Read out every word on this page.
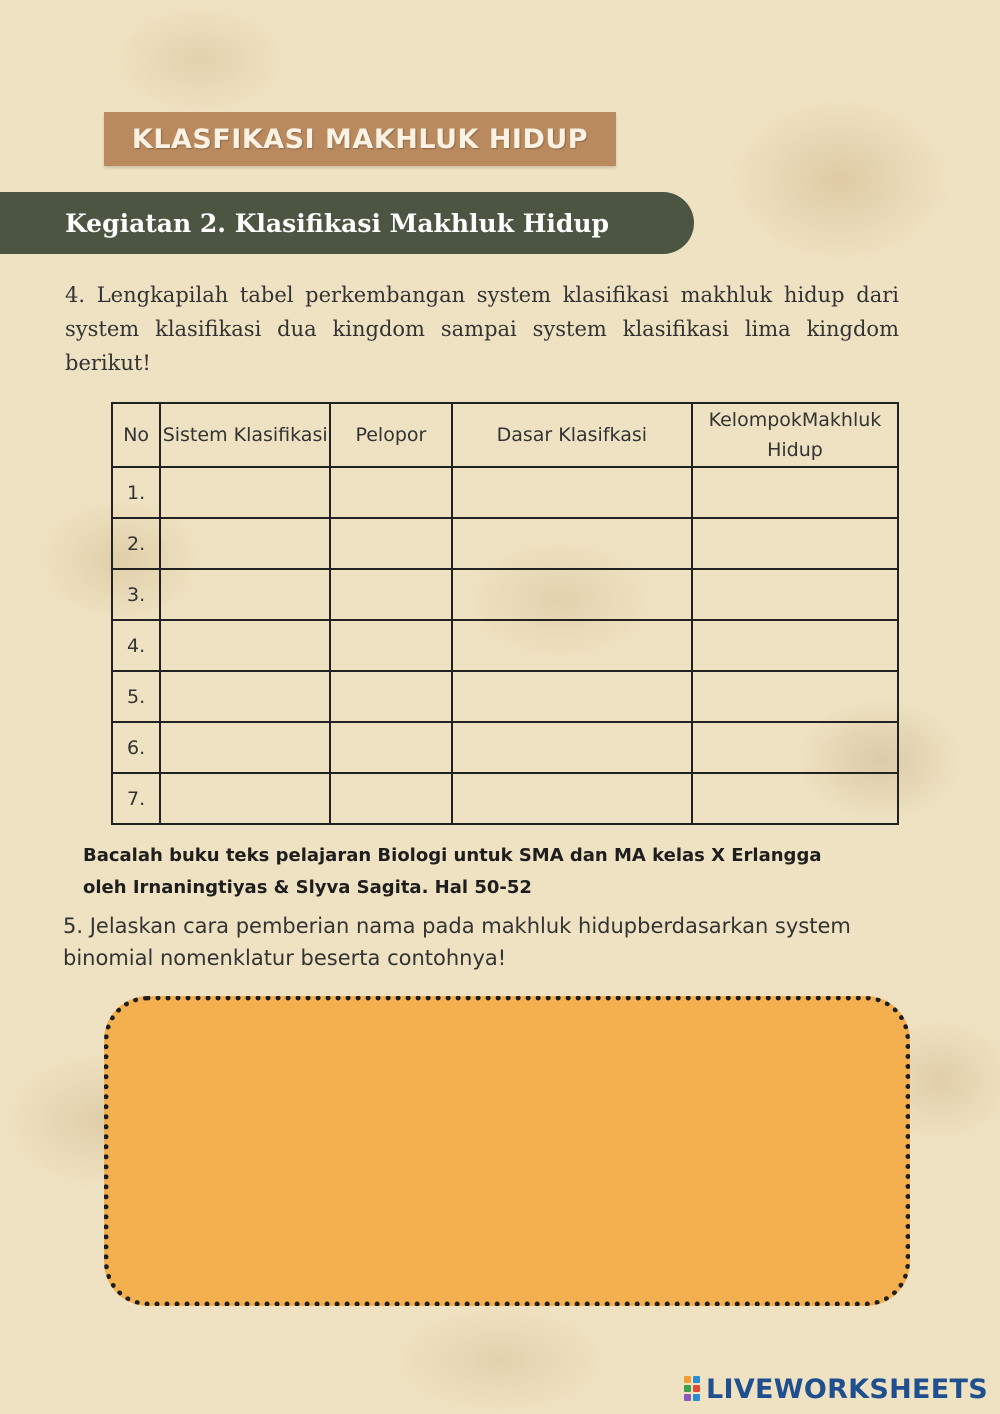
KLASFIKASI MAKHLUK HIDUP
Kegiatan 2. Klasifikasi Makhluk Hidup
4. Lengkapilah tabel perkembangan system klasifikasi makhluk hidup dari system klasifikasi dua kingdom sampai system klasifikasi lima kingdom berikut!
No	Sistem Klasifikasi	Pelopor	Dasar Klasifkasi	KelompokMakhluk Hidup
1.				
2.				
3.				
4.				
5.				
6.				
7.				
Bacalah buku teks pelajaran Biologi untuk SMA dan MA kelas X Erlangga
oleh Irnaningtiyas & Slyva Sagita. Hal 50-52
5. Jelaskan cara pemberian nama pada makhluk hidupberdasarkan system binomial nomenklatur beserta contohnya!
LIVEWORKSHEETS
